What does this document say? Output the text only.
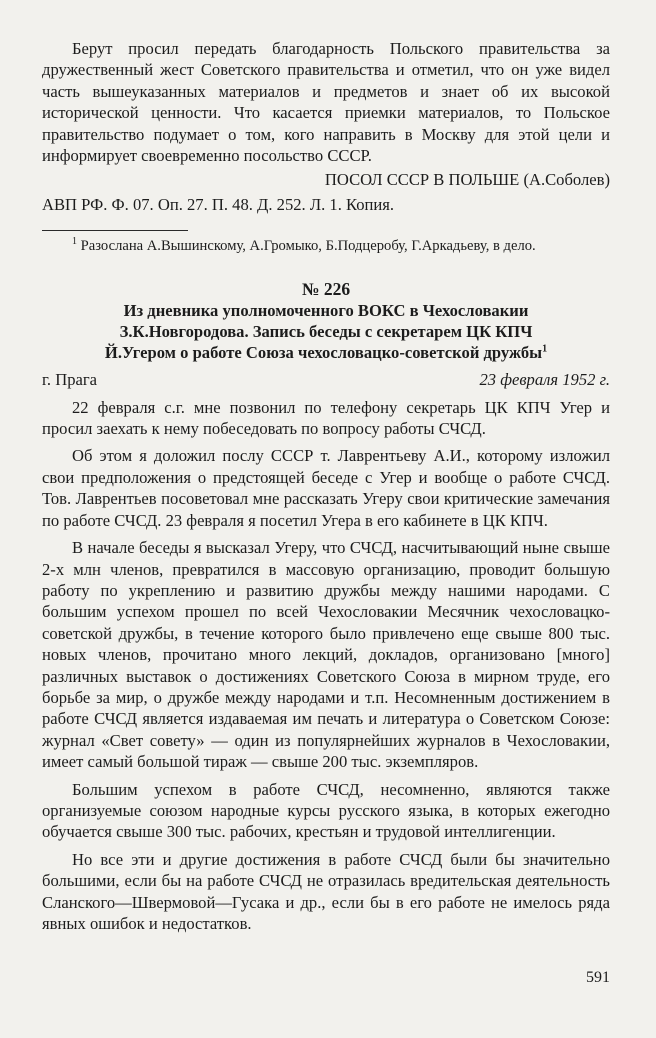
Берут просил передать благодарность Польского правительства за дружественный жест Советского правительства и отметил, что он уже видел часть вышеуказанных материалов и предметов и знает об их высокой исторической ценности. Что касается приемки материалов, то Польское правительство подумает о том, кого направить в Москву для этой цели и информирует своевременно посольство СССР.

ПОСОЛ СССР В ПОЛЬШЕ (А.Соболев)
АВП РФ. Ф. 07. Оп. 27. П. 48. Д. 252. Л. 1. Копия.
$^1$ Разослана А.Вышинскому, А.Громыко, Б.Подцеробу, Г.Аркадьеву, в дело.
№ 226
Из дневника уполномоченного ВОКС в Чехословакии
З.К.Новгородова. Запись беседы с секретарем ЦК КПЧ
Й.Угером о работе Союза чехословацко-советской дружбы$^1$
г. Прага	23 февраля 1952 г.

22 февраля с.г. мне позвонил по телефону секретарь ЦК КПЧ Угер и просил заехать к нему побеседовать по вопросу работы СЧСД.

Об этом я доложил послу СССР т. Лаврентьеву А.И., которому изложил свои предположения о предстоящей беседе с Угер и вообще о работе СЧСД. Тов. Лаврентьев посоветовал мне рассказать Угеру свои критические замечания по работе СЧСД. 23 февраля я посетил Угера в его кабинете в ЦК КПЧ.

В начале беседы я высказал Угеру, что СЧСД, насчитывающий ныне свыше 2-х млн членов, превратился в массовую организацию, проводит большую работу по укреплению и развитию дружбы между нашими народами. С большим успехом прошел по всей Чехословакии Месячник чехословацко-советской дружбы, в течение которого было привлечено еще свыше 800 тыс. новых членов, прочитано много лекций, докладов, организовано [много] различных выставок о достижениях Советского Союза в мирном труде, его борьбе за мир, о дружбе между народами и т.п. Несомненным достижением в работе СЧСД является издаваемая им печать и литература о Советском Союзе: журнал «Свет совету» — один из популярнейших журналов в Чехословакии, имеет самый большой тираж — свыше 200 тыс. экземпляров.

Большим успехом в работе СЧСД, несомненно, являются также организуемые союзом народные курсы русского языка, в которых ежегодно обучается свыше 300 тыс. рабочих, крестьян и трудовой интеллигенции.

Но все эти и другие достижения в работе СЧСД были бы значительно большими, если бы на работе СЧСД не отразилась вредительская деятельность Сланского—Швермовой—Гусака и др., если бы в его работе не имелось ряда явных ошибок и недостатков.

591
